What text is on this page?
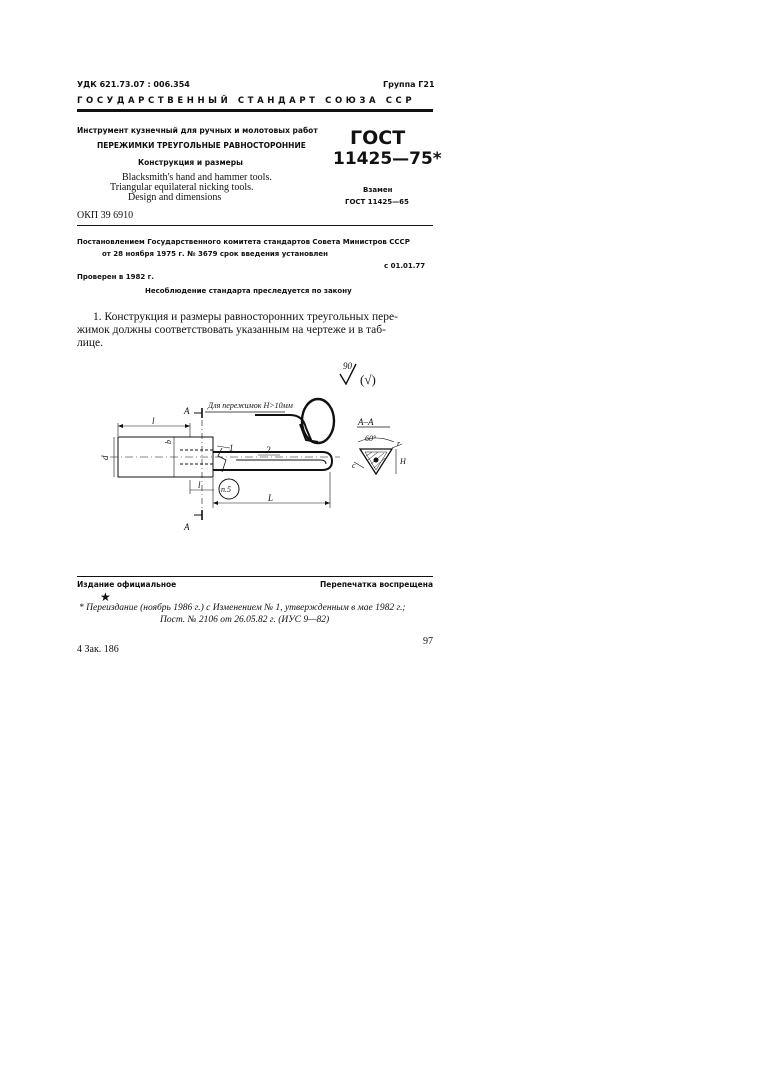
УДК 621.73.07 : 006.354	Группа Г21
ГОСУДАРСТВЕННЫЙ СТАНДАРТ СОЮЗА ССР
Инструмент кузнечный для ручных и молотовых работ
ПЕРЕЖИМКИ ТРЕУГОЛЬНЫЕ РАВНОСТОРОННИЕ
Конструкция и размеры
Blacksmith's hand and hammer tools.
Triangular equilateral nicking tools.
Design and dimensions
ГОСТ
11425—75*
Взамен
ГОСТ 11425—65
ОКП 39 6910
Постановлением Государственного комитета стандартов Совета Министров СССР
от 28 ноября 1975 г. № 3679 срок введения установлен
с 01.01.77
Проверен в 1982 г.
Несоблюдение стандарта преследуется по закону
1. Конструкция и размеры равносторонних треугольных пере-
жимок должны соответствовать указанным на чертеже и в таб-
лице.
90
(√)
Для пережимок H>10мм
A
A
А–А
60°
d
l
l
L
b
1	2
п.5
r
H
c
Издание официальное	Перепечатка воспрещена
★
* Переиздание (ноябрь 1986 г.) с Изменением № 1, утвержденным в мае 1982 г.;
Пост. № 2106 от 26.05.82 г. (ИУС 9—82)
97
4 Зак. 186
